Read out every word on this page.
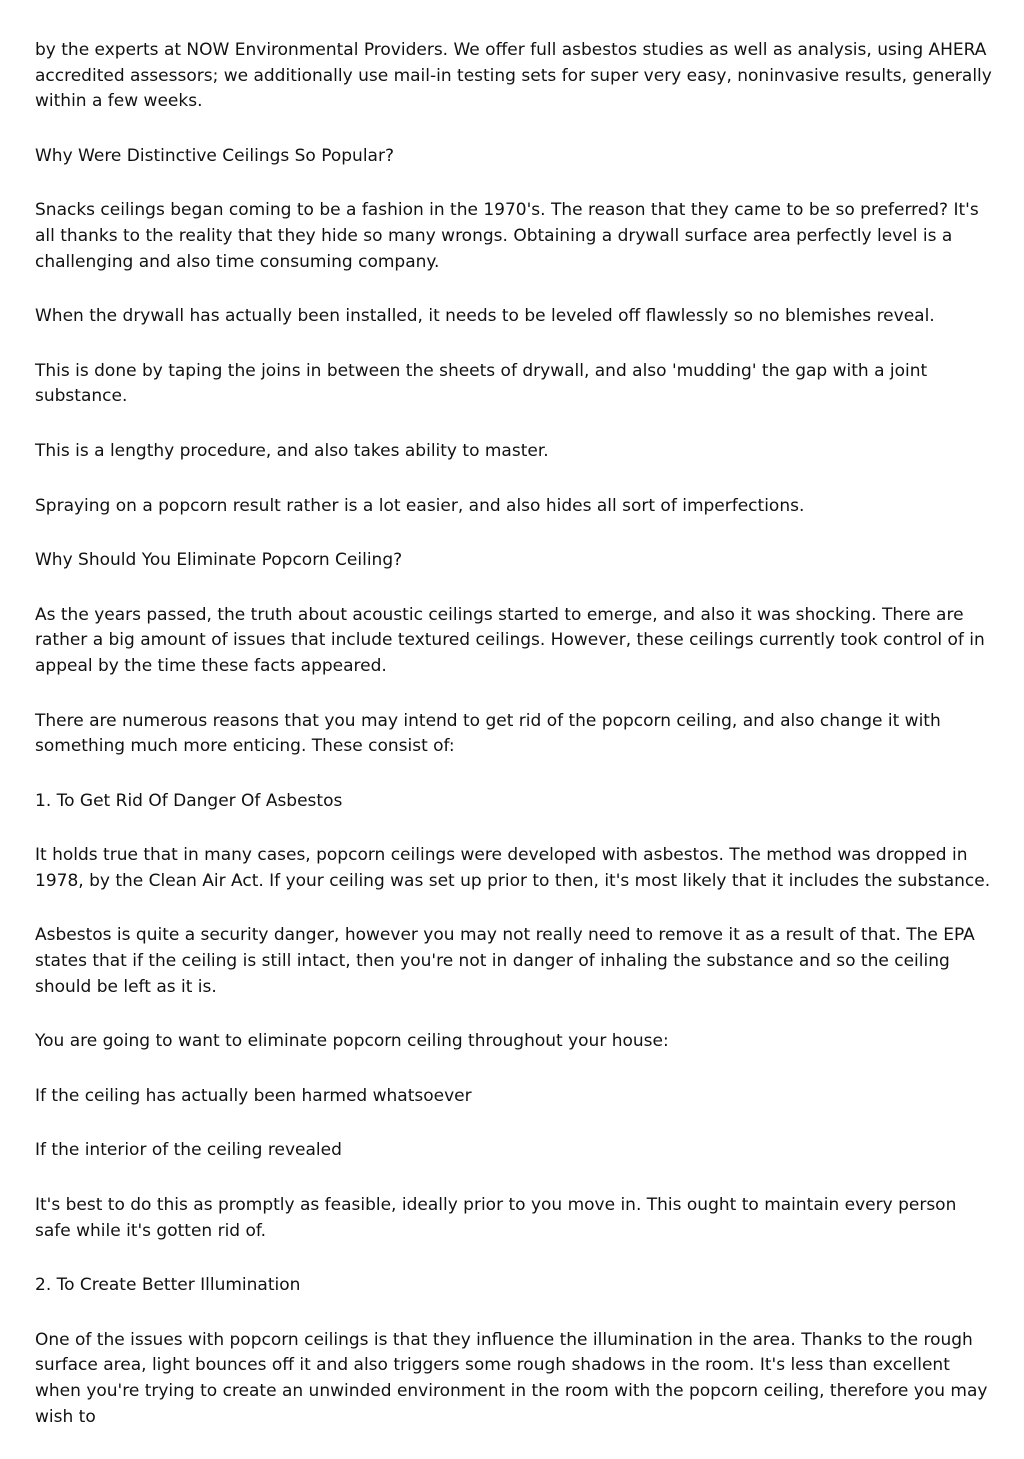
by the experts at NOW Environmental Providers. We offer full asbestos studies as well as analysis, using AHERA accredited assessors; we additionally use mail-in testing sets for super very easy, noninvasive results, generally within a few weeks.

Why Were Distinctive Ceilings So Popular?

Snacks ceilings began coming to be a fashion in the 1970's. The reason that they came to be so preferred? It's all thanks to the reality that they hide so many wrongs. Obtaining a drywall surface area perfectly level is a challenging and also time consuming company.

When the drywall has actually been installed, it needs to be leveled off flawlessly so no blemishes reveal.

This is done by taping the joins in between the sheets of drywall, and also 'mudding' the gap with a joint substance.

This is a lengthy procedure, and also takes ability to master.

Spraying on a popcorn result rather is a lot easier, and also hides all sort of imperfections.

Why Should You Eliminate Popcorn Ceiling?

As the years passed, the truth about acoustic ceilings started to emerge, and also it was shocking. There are rather a big amount of issues that include textured ceilings. However, these ceilings currently took control of in appeal by the time these facts appeared.

There are numerous reasons that you may intend to get rid of the popcorn ceiling, and also change it with something much more enticing. These consist of:

1. To Get Rid Of Danger Of Asbestos

It holds true that in many cases, popcorn ceilings were developed with asbestos. The method was dropped in 1978, by the Clean Air Act. If your ceiling was set up prior to then, it's most likely that it includes the substance.

Asbestos is quite a security danger, however you may not really need to remove it as a result of that. The EPA states that if the ceiling is still intact, then you're not in danger of inhaling the substance and so the ceiling should be left as it is.

You are going to want to eliminate popcorn ceiling throughout your house:

If the ceiling has actually been harmed whatsoever

If the interior of the ceiling revealed

It's best to do this as promptly as feasible, ideally prior to you move in. This ought to maintain every person safe while it's gotten rid of.

2. To Create Better Illumination

One of the issues with popcorn ceilings is that they influence the illumination in the area. Thanks to the rough surface area, light bounces off it and also triggers some rough shadows in the room. It's less than excellent when you're trying to create an unwinded environment in the room with the popcorn ceiling, therefore you may wish to
